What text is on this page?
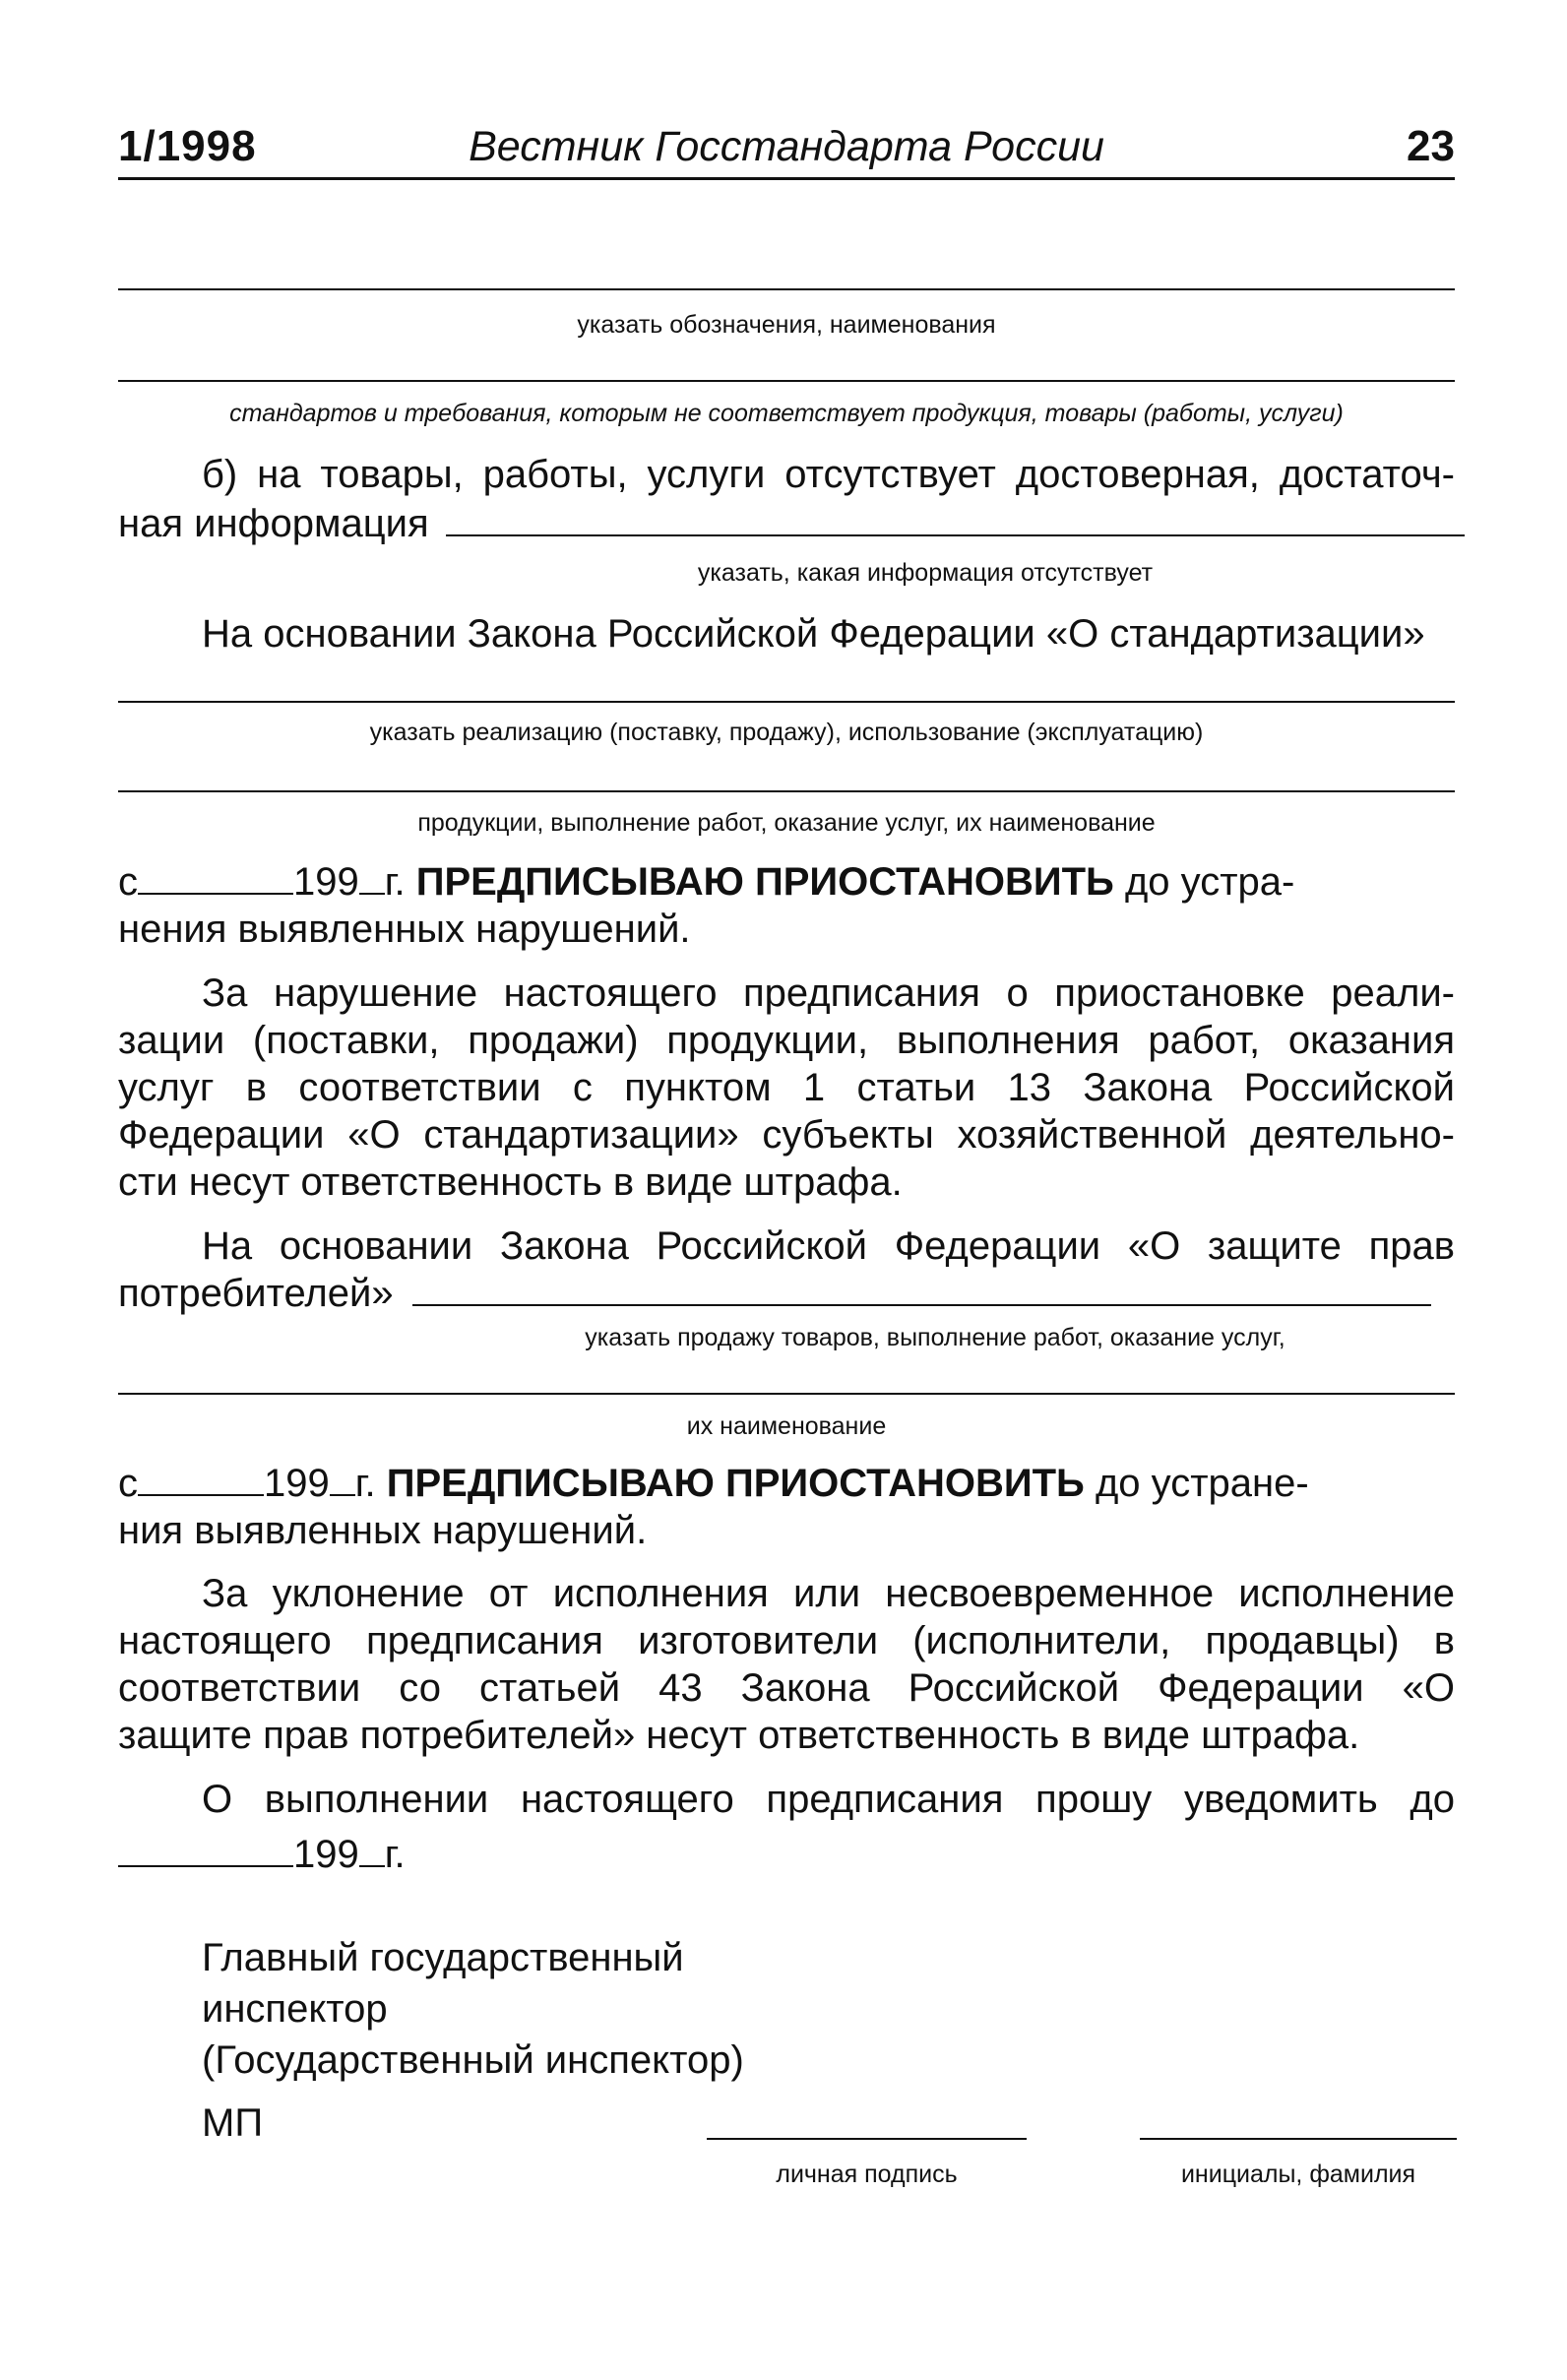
1/1998	Вестник Госстандарта России	23
указать обозначения, наименования
стандартов и требования, которым не соответствует продукция, товары (работы, услуги)
б) на товары, работы, услуги отсутствует достоверная, достаточ-
ная информация
указать, какая информация отсутствует
На основании Закона Российской Федерации «О стандартизации»
указать реализацию (поставку, продажу), использование (эксплуатацию)
продукции, выполнение работ, оказание услуг, их наименование
с	199 г. ПРЕДПИСЫВАЮ ПРИОСТАНОВИТЬ до устра-
нения выявленных нарушений.
За нарушение настоящего предписания о приостановке реали-
зации (поставки, продажи) продукции, выполнения работ, оказания
услуг в соответствии с пунктом 1 статьи 13 Закона Российской
Федерации «О стандартизации» субъекты хозяйственной деятельно-
сти несут ответственность в виде штрафа.
На основании Закона Российской Федерации «О защите прав
потребителей»
указать продажу товаров, выполнение работ, оказание услуг,
их наименование
с	199 г. ПРЕДПИСЫВАЮ ПРИОСТАНОВИТЬ до устране-
ния выявленных нарушений.
За уклонение от исполнения или несвоевременное исполнение
настоящего предписания изготовители (исполнители, продавцы) в
соответствии со статьей 43 Закона Российской Федерации «О
защите прав потребителей» несут ответственность в виде штрафа.
О выполнении настоящего предписания прошу уведомить до
199 г.
Главный государственный
инспектор
(Государственный инспектор)
МП
личная подпись	инициалы, фамилия
